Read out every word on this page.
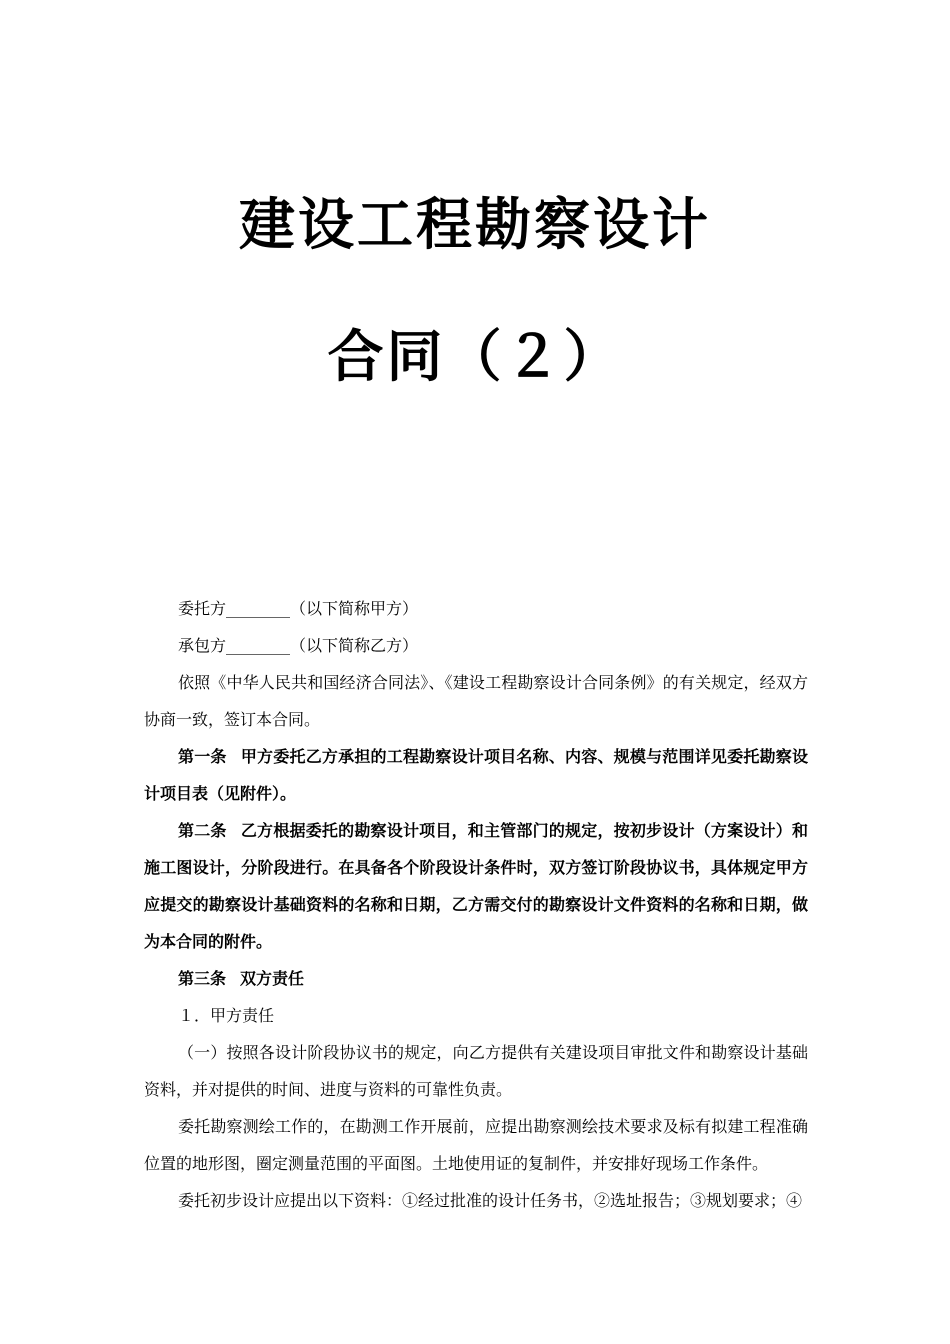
建设工程勘察设计
合同（２）

委托方________（以下简称甲方）

承包方________（以下简称乙方）

依照《中华人民共和国经济合同法》、《建设工程勘察设计合同条例》的有关规定，经双方协商一致，签订本合同。

第一条 甲方委托乙方承担的工程勘察设计项目名称、内容、规模与范围详见委托勘察设计项目表（见附件）。

第二条 乙方根据委托的勘察设计项目，和主管部门的规定，按初步设计（方案设计）和施工图设计，分阶段进行。在具备各个阶段设计条件时，双方签订阶段协议书，具体规定甲方应提交的勘察设计基础资料的名称和日期，乙方需交付的勘察设计文件资料的名称和日期，做为本合同的附件。

第三条 双方责任

１．甲方责任

（一）按照各设计阶段协议书的规定，向乙方提供有关建设项目审批文件和勘察设计基础资料，并对提供的时间、进度与资料的可靠性负责。

委托勘察测绘工作的，在勘测工作开展前，应提出勘察测绘技术要求及标有拟建工程准确位置的地形图，圈定测量范围的平面图。土地使用证的复制件，并安排好现场工作条件。

委托初步设计应提出以下资料：①经过批准的设计任务书，②选址报告；③规划要求；④
